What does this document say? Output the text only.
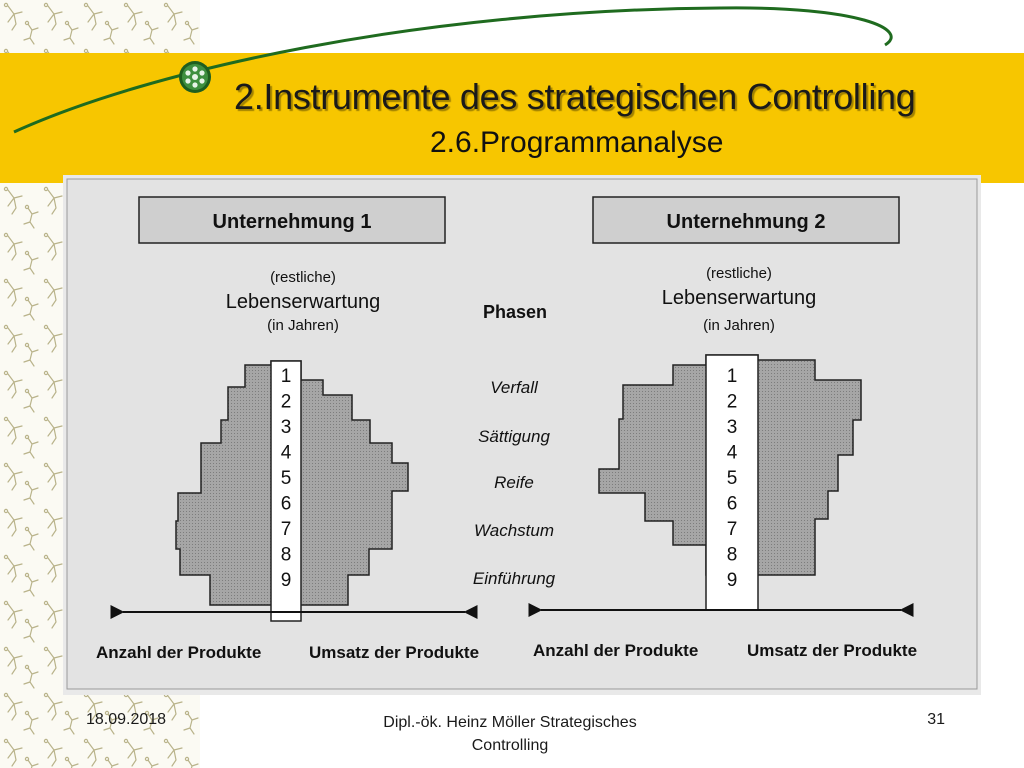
2.Instrumente des strategischen Controlling
2.6.Programmanalyse
Unternehmung 1	Unternehmung 2
(restliche)
Lebenserwartung
(in Jahren)
(restliche)
Lebenserwartung
(in Jahren)
Phasen
1
2
3
4
5
6
7
8
9
1
2
3
4
5
6
7
8
9
Verfall
Sättigung
Reife
Wachstum
Einführung
Anzahl der Produkte	Umsatz der Produkte	Anzahl der Produkte	Umsatz der Produkte
18.09.2018	Dipl.-ök. Heinz Möller Strategisches
Controlling
31
